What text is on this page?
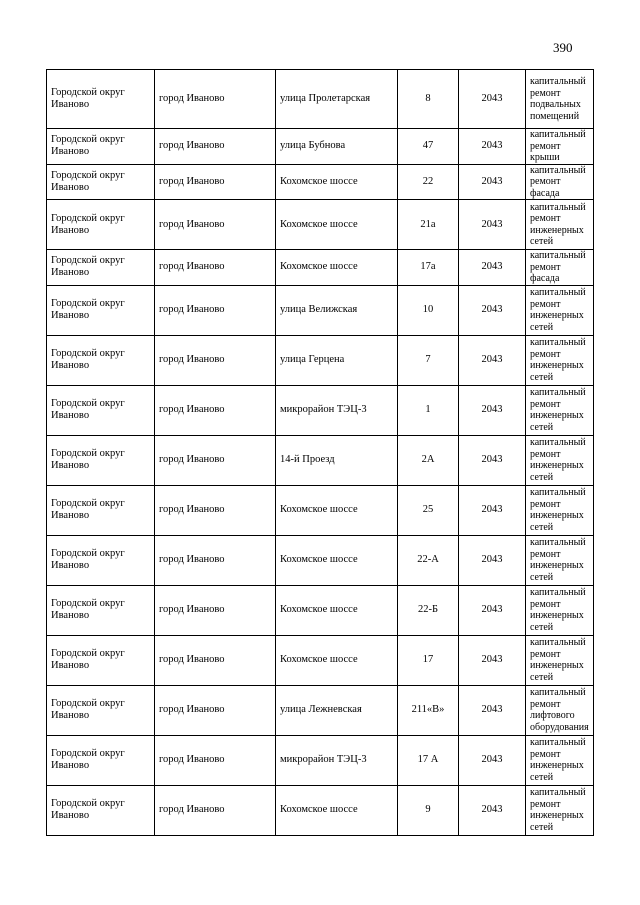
390
Городской округ Иваново	город Иваново	улица Пролетарская	8	2043	капитальный ремонт подвальных помещений
Городской округ Иваново	город Иваново	улица Бубнова	47	2043	капитальный ремонт крыши
Городской округ Иваново	город Иваново	Кохомское шоссе	22	2043	капитальный ремонт фасада
Городской округ Иваново	город Иваново	Кохомское шоссе	21а	2043	капитальный ремонт инженерных сетей
Городской округ Иваново	город Иваново	Кохомское шоссе	17а	2043	капитальный ремонт фасада
Городской округ Иваново	город Иваново	улица Велижская	10	2043	капитальный ремонт инженерных сетей
Городской округ Иваново	город Иваново	улица Герцена	7	2043	капитальный ремонт инженерных сетей
Городской округ Иваново	город Иваново	микрорайон ТЭЦ-3	1	2043	капитальный ремонт инженерных сетей
Городской округ Иваново	город Иваново	14-й Проезд	2А	2043	капитальный ремонт инженерных сетей
Городской округ Иваново	город Иваново	Кохомское шоссе	25	2043	капитальный ремонт инженерных сетей
Городской округ Иваново	город Иваново	Кохомское шоссе	22-А	2043	капитальный ремонт инженерных сетей
Городской округ Иваново	город Иваново	Кохомское шоссе	22-Б	2043	капитальный ремонт инженерных сетей
Городской округ Иваново	город Иваново	Кохомское шоссе	17	2043	капитальный ремонт инженерных сетей
Городской округ Иваново	город Иваново	улица Лежневская	211«В»	2043	капитальный ремонт лифтового оборудования
Городской округ Иваново	город Иваново	микрорайон ТЭЦ-3	17 А	2043	капитальный ремонт инженерных сетей
Городской округ Иваново	город Иваново	Кохомское шоссе	9	2043	капитальный ремонт инженерных сетей
